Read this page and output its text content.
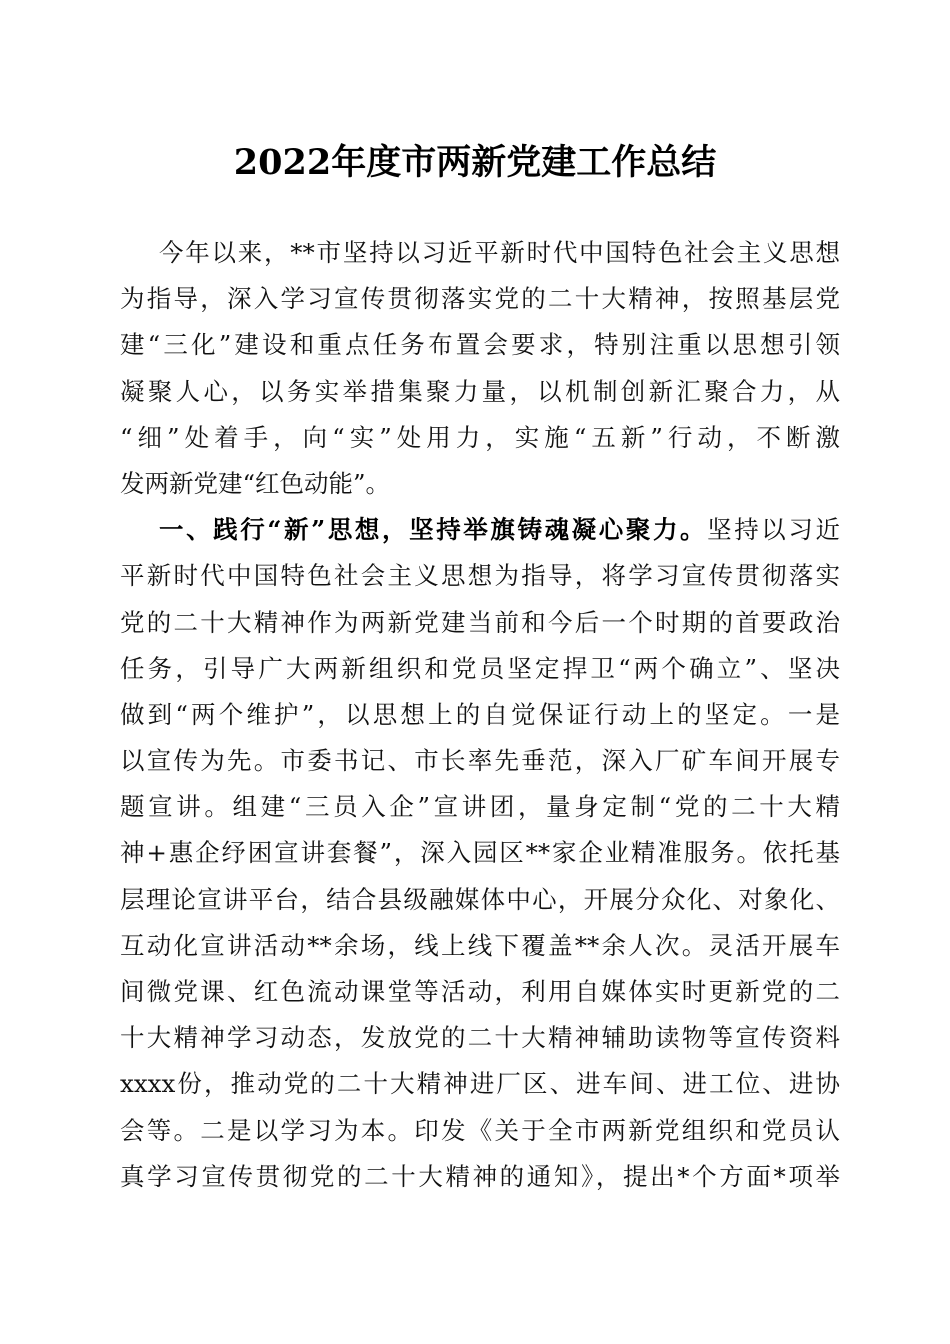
2022年度市两新党建工作总结
今年以来，**市坚持以习近平新时代中国特色社会主义思想
为指导，深入学习宣传贯彻落实党的二十大精神，按照基层党
建“三化”建设和重点任务布置会要求，特别注重以思想引领
凝聚人心，以务实举措集聚力量，以机制创新汇聚合力，从
“细”处着手，向“实”处用力，实施“五新”行动，不断激
发两新党建“红色动能”。
一、践行“新”思想，坚持举旗铸魂凝心聚力。坚持以习近
平新时代中国特色社会主义思想为指导，将学习宣传贯彻落实
党的二十大精神作为两新党建当前和今后一个时期的首要政治
任务，引导广大两新组织和党员坚定捍卫“两个确立”、坚决
做到“两个维护”，以思想上的自觉保证行动上的坚定。一是
以宣传为先。市委书记、市长率先垂范，深入厂矿车间开展专
题宣讲。组建“三员入企”宣讲团，量身定制“党的二十大精
神+惠企纾困宣讲套餐”，深入园区**家企业精准服务。依托基
层理论宣讲平台，结合县级融媒体中心，开展分众化、对象化、
互动化宣讲活动**余场，线上线下覆盖**余人次。灵活开展车
间微党课、红色流动课堂等活动，利用自媒体实时更新党的二
十大精神学习动态，发放党的二十大精神辅助读物等宣传资料
xxxx份，推动党的二十大精神进厂区、进车间、进工位、进协
会等。二是以学习为本。印发《关于全市两新党组织和党员认
真学习宣传贯彻党的二十大精神的通知》，提出*个方面*项举
